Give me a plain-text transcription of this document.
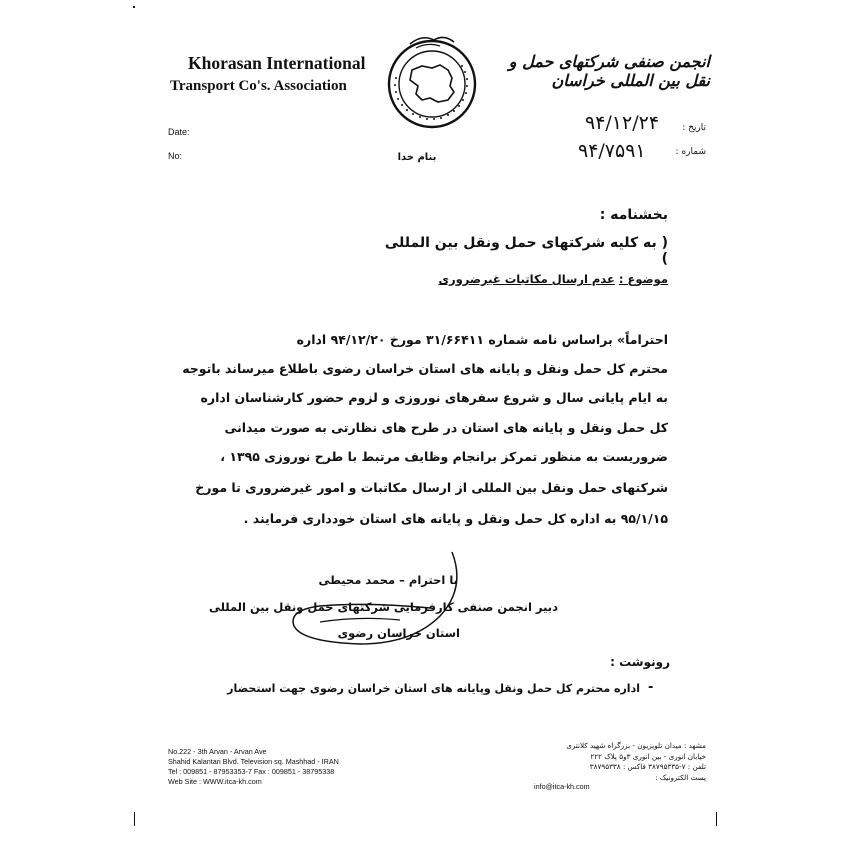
Khorasan International
Transport Co's. Association
انجمن صنفی شرکتهای حمل و نقل بین المللی خراسان
Date:
No:
تاریخ :
شماره :
۹۴/۱۲/۲۴
۹۴/۷۵۹۱
بنام خدا
بخشنامه :
( به کلیه شرکتهای حمل ونقل بین المللی )
موضوع : عدم ارسال مکاتبات غیرضروری
احتراماً» براساس نامه شماره ۳۱/۶۶۴۱۱ مورخ ۹۴/۱۲/۲۰ اداره
محترم کل حمل ونقل و پایانه های استان خراسان رضوی باطلاع میرساند باتوجه
به ایام پایانی سال و شروع سفرهای نوروزی و لزوم حضور کارشناسان اداره
کل حمل ونقل و پایانه های استان در طرح های نظارتی به صورت میدانی
ضروریست به منظور تمرکز برانجام وظایف مرتبط با طرح نوروزی ۱۳۹۵ ،
شرکتهای حمل ونقل بین المللی از ارسال مکاتبات و امور غیرضروری تا مورخ
۹۵/۱/۱۵ به اداره کل حمل ونقل و پایانه های استان خودداری فرمایند .
با احترام – محمد محیطی
دبیر انجمن صنفی کارفرمایی شرکتهای حمل ونقل بین المللی
استان خراسان رضوی
رونوشت :
اداره محترم کل حمل ونقل وپایانه های استان خراسان رضوی جهت استحضار -
No.222 - 3th Arvan - Arvan Ave
Shahid Kalantari Blvd. Television sq. Mashhad - IRAN
Tel : 009851 - 87953353-7 Fax : 009851 - 38795338
Web Site : WWW.itca-kh.com
مشهد : میدان تلویزیون - بزرگراه شهید کلانتری
خیابان انوری - بین انوری ۳و۵ پلاک ۲۲۲
تلفن : ۷-۳۸۷۹۵۳۳۵ فاکس : ۳۸۷۹۵۳۳۸
پست الکترونیک :
info@itca-kh.com
